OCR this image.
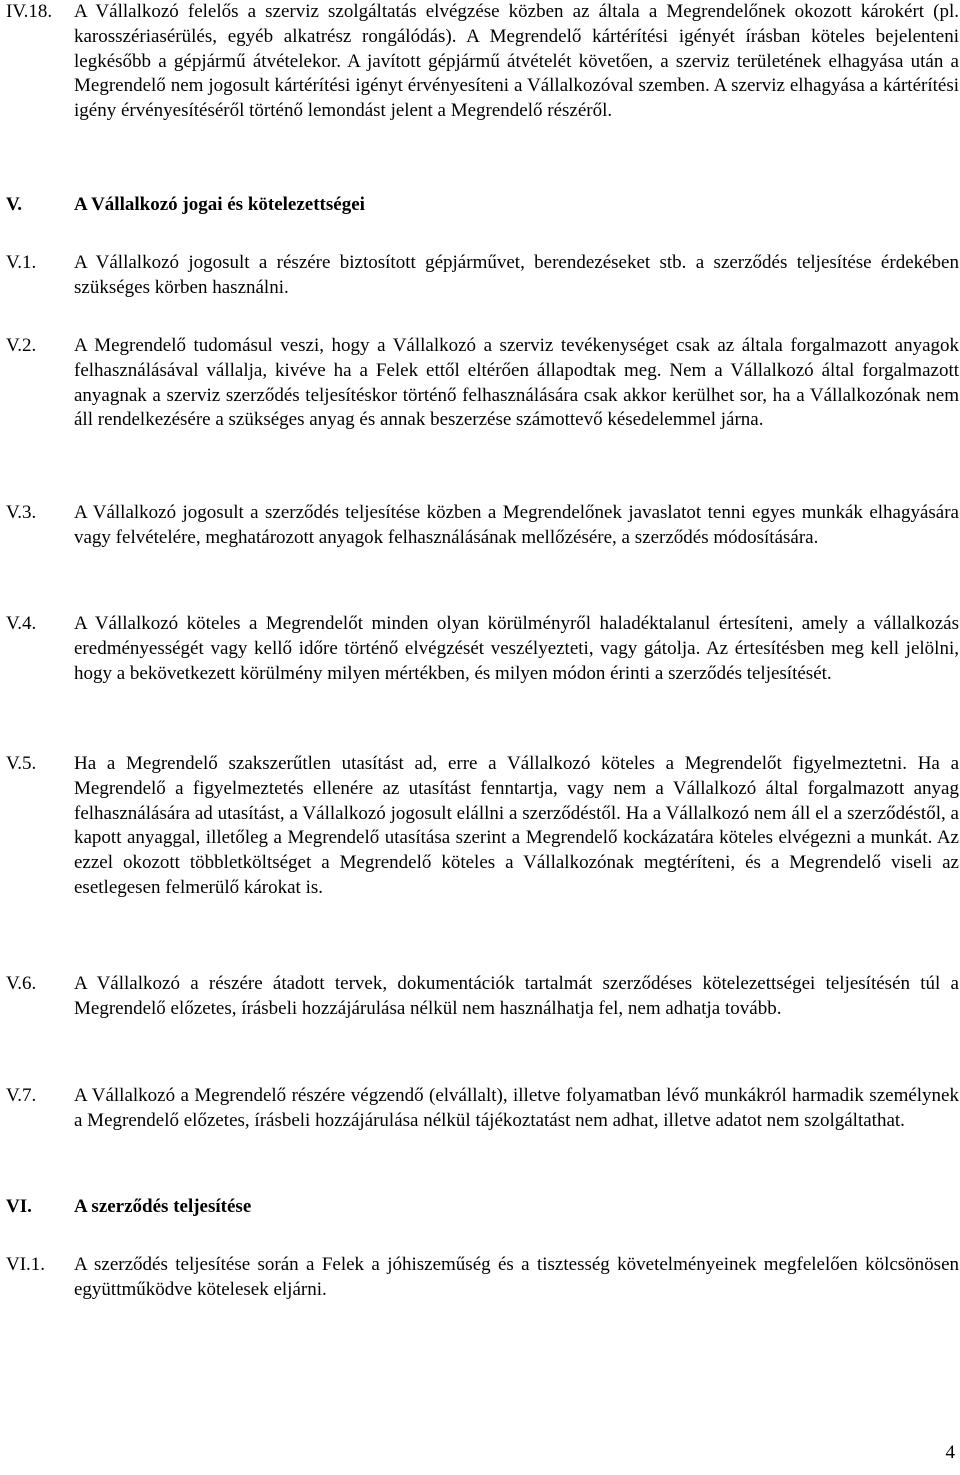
IV.18.	A Vállalkozó felelős a szerviz szolgáltatás elvégzése közben az általa a Megrendelőnek okozott károkért (pl. karosszériasérülés, egyéb alkatrész rongálódás). A Megrendelő kártérítési igényét írásban köteles bejelenteni legkésőbb a gépjármű átvételekor. A javított gépjármű átvételét követően, a szerviz területének elhagyása után a Megrendelő nem jogosult kártérítési igényt érvényesíteni a Vállalkozóval szemben. A szerviz elhagyása a kártérítési igény érvényesítéséről történő lemondást jelent a Megrendelő részéről.

V.	A Vállalkozó jogai és kötelezettségei

V.1.	A Vállalkozó jogosult a részére biztosított gépjárművet, berendezéseket stb. a szerződés teljesítése érdekében szükséges körben használni.

V.2.	A Megrendelő tudomásul veszi, hogy a Vállalkozó a szerviz tevékenységet csak az általa forgalmazott anyagok felhasználásával vállalja, kivéve ha a Felek ettől eltérően állapodtak meg. Nem a Vállalkozó által forgalmazott anyagnak a szerviz szerződés teljesítéskor történő felhasználására csak akkor kerülhet sor, ha a Vállalkozónak nem áll rendelkezésére a szükséges anyag és annak beszerzése számottevő késedelemmel járna.

V.3.	A Vállalkozó jogosult a szerződés teljesítése közben a Megrendelőnek javaslatot tenni egyes munkák elhagyására vagy felvételére, meghatározott anyagok felhasználásának mellőzésére, a szerződés módosítására.

V.4.	A Vállalkozó köteles a Megrendelőt minden olyan körülményről haladéktalanul értesíteni, amely a vállalkozás eredményességét vagy kellő időre történő elvégzését veszélyezteti, vagy gátolja. Az értesítésben meg kell jelölni, hogy a bekövetkezett körülmény milyen mértékben, és milyen módon érinti a szerződés teljesítését.

V.5.	Ha a Megrendelő szakszerűtlen utasítást ad, erre a Vállalkozó köteles a Megrendelőt figyelmeztetni. Ha a Megrendelő a figyelmeztetés ellenére az utasítást fenntartja, vagy nem a Vállalkozó által forgalmazott anyag felhasználására ad utasítást, a Vállalkozó jogosult elállni a szerződéstől. Ha a Vállalkozó nem áll el a szerződéstől, a kapott anyaggal, illetőleg a Megrendelő utasítása szerint a Megrendelő kockázatára köteles elvégezni a munkát. Az ezzel okozott többletköltséget a Megrendelő köteles a Vállalkozónak megtéríteni, és a Megrendelő viseli az esetlegesen felmerülő károkat is.

V.6.	A Vállalkozó a részére átadott tervek, dokumentációk tartalmát szerződéses kötelezettségei teljesítésén túl a Megrendelő előzetes, írásbeli hozzájárulása nélkül nem használhatja fel, nem adhatja tovább.

V.7.	A Vállalkozó a Megrendelő részére végzendő (elvállalt), illetve folyamatban lévő munkákról harmadik személynek a Megrendelő előzetes, írásbeli hozzájárulása nélkül tájékoztatást nem adhat, illetve adatot nem szolgáltathat.

VI.	A szerződés teljesítése

VI.1.	A szerződés teljesítése során a Felek a jóhiszeműség és a tisztesség követelményeinek megfelelően kölcsönösen együttműködve kötelesek eljárni.

4
